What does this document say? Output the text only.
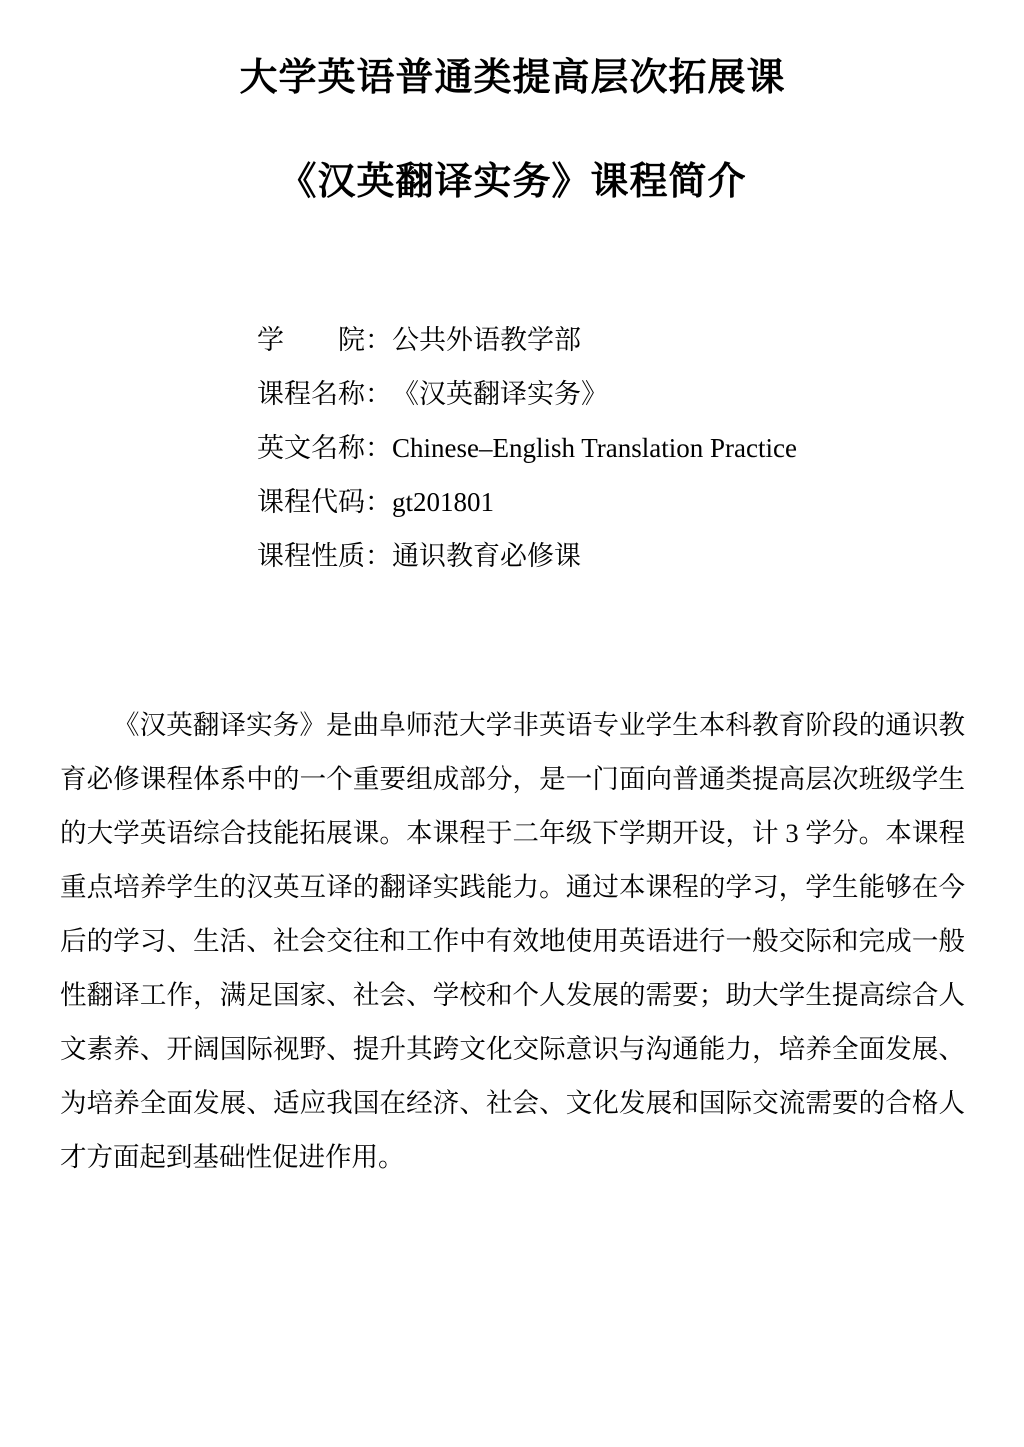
大学英语普通类提高层次拓展课
《汉英翻译实务》课程简介
学　　院：公共外语教学部
课程名称：《汉英翻译实务》
英文名称：Chinese–English Translation Practice
课程代码：gt201801
课程性质：通识教育必修课

《汉英翻译实务》是曲阜师范大学非英语专业学生本科教育阶段的通识教育必修课程体系中的一个重要组成部分，是一门面向普通类提高层次班级学生的大学英语综合技能拓展课。本课程于二年级下学期开设，计 3 学分。本课程重点培养学生的汉英互译的翻译实践能力。通过本课程的学习，学生能够在今后的学习、生活、社会交往和工作中有效地使用英语进行一般交际和完成一般性翻译工作，满足国家、社会、学校和个人发展的需要；助大学生提高综合人文素养、开阔国际视野、提升其跨文化交际意识与沟通能力，培养全面发展、为培养全面发展、适应我国在经济、社会、文化发展和国际交流需要的合格人才方面起到基础性促进作用。
